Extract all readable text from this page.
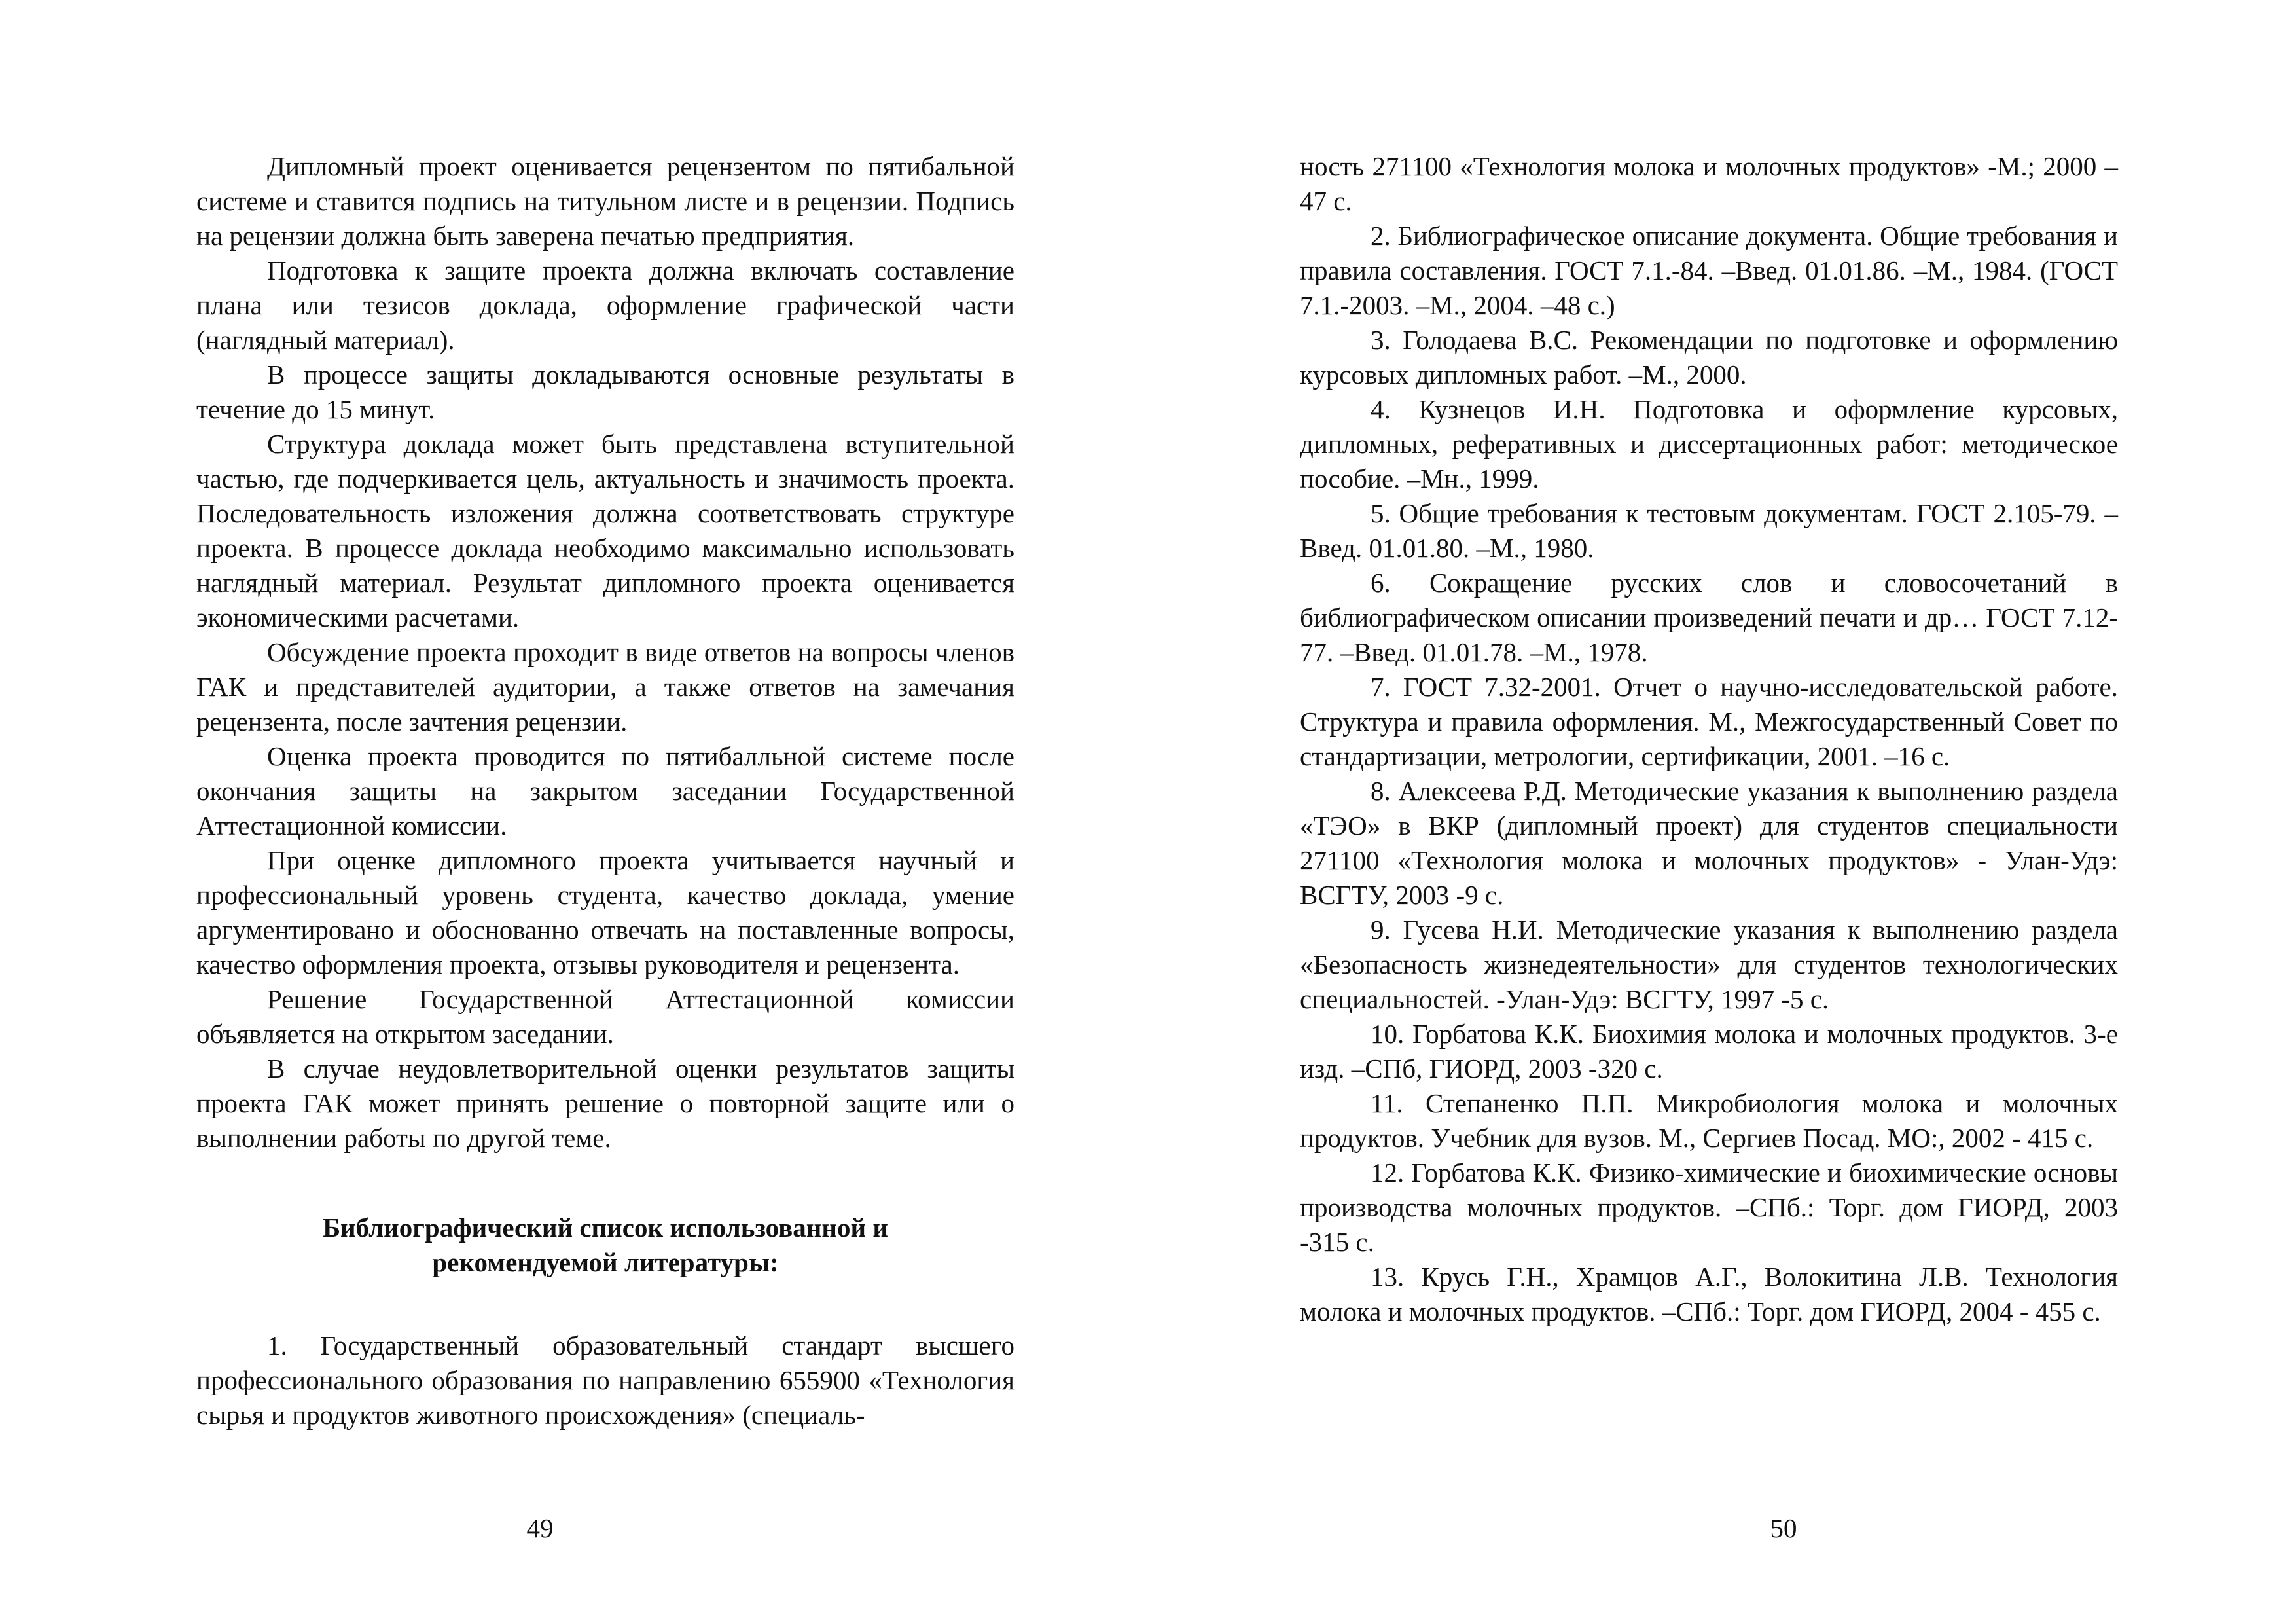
Дипломный проект оценивается рецензентом по пятибальной системе и ставится подпись на титульном листе и в рецензии. Подпись на рецензии должна быть заверена печатью предприятия.

Подготовка к защите проекта должна включать составление плана или тезисов доклада, оформление графической части (наглядный материал).

В процессе защиты докладываются основные результаты в течение до 15 минут.

Структура доклада может быть представлена вступительной частью, где подчеркивается цель, актуальность и значимость проекта. Последовательность изложения должна соответствовать структуре проекта. В процессе доклада необходимо максимально использовать наглядный материал. Результат дипломного проекта оценивается экономическими расчетами.

Обсуждение проекта проходит в виде ответов на вопросы членов ГАК и представителей аудитории, а также ответов на замечания рецензента, после зачтения рецензии.

Оценка проекта проводится по пятибалльной системе после окончания защиты на закрытом заседании Государственной Аттестационной комиссии.

При оценке дипломного проекта учитывается научный и профессиональный уровень студента, качество доклада, умение аргументировано и обоснованно отвечать на поставленные вопросы, качество оформления проекта, отзывы руководителя и рецензента.

Решение Государственной Аттестационной комиссии объявляется на открытом заседании.

В случае неудовлетворительной оценки результатов защиты проекта ГАК может принять решение о повторной защите или о выполнении работы по другой теме.

Библиографический список использованной и
рекомендуемой литературы:

1. Государственный образовательный стандарт высшего профессионального образования по направлению 655900 «Технология сырья и продуктов животного происхождения» (специаль-

49

ность 271100 «Технология молока и молочных продуктов» -М.; 2000 –47 с.

2. Библиографическое описание документа. Общие требования и правила составления. ГОСТ 7.1.-84. –Введ. 01.01.86. –М., 1984. (ГОСТ 7.1.-2003. –М., 2004. –48 с.)

3. Голодаева В.С. Рекомендации по подготовке и оформлению курсовых дипломных работ. –М., 2000.

4. Кузнецов И.Н. Подготовка и оформление курсовых, дипломных, реферативных и диссертационных работ: методическое пособие. –Мн., 1999.

5. Общие требования к тестовым документам. ГОСТ 2.105-79. –Введ. 01.01.80. –М., 1980.

6. Сокращение русских слов и словосочетаний в библиографическом описании произведений печати и др… ГОСТ 7.12-77. –Введ. 01.01.78. –М., 1978.

7. ГОСТ 7.32-2001. Отчет о научно-исследовательской работе. Структура и правила оформления. М., Межгосударственный Совет по стандартизации, метрологии, сертификации, 2001. –16 с.

8. Алексеева Р.Д. Методические указания к выполнению раздела «ТЭО» в ВКР (дипломный проект) для студентов специальности 271100 «Технология молока и молочных продуктов» - Улан-Удэ: ВСГТУ, 2003 -9 с.

9. Гусева Н.И. Методические указания к выполнению раздела «Безопасность жизнедеятельности» для студентов технологических специальностей. -Улан-Удэ: ВСГТУ, 1997 -5 с.

10. Горбатова К.К. Биохимия молока и молочных продуктов. 3-е изд. –СПб, ГИОРД, 2003 -320 с.

11. Степаненко П.П. Микробиология молока и молочных продуктов. Учебник для вузов. М., Сергиев Посад. МО:, 2002 - 415 с.

12. Горбатова К.К. Физико-химические и биохимические основы производства молочных продуктов. –СПб.: Торг. дом ГИОРД, 2003 -315 с.

13. Крусь Г.Н., Храмцов А.Г., Волокитина Л.В. Технология молока и молочных продуктов. –СПб.: Торг. дом ГИОРД, 2004 - 455 с.

50
